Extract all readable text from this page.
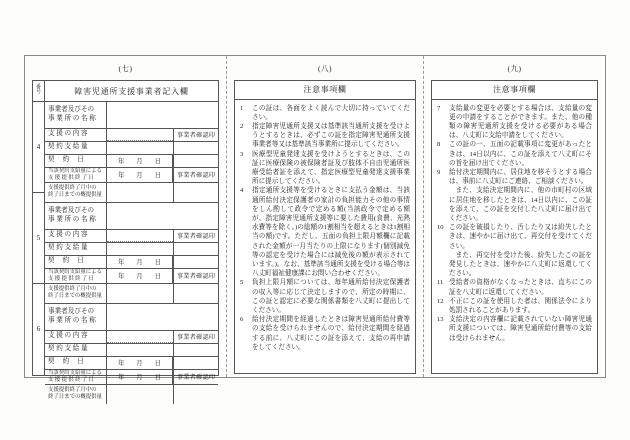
(七)
番
号
4
5
6
障害児通所支援事業者記入欄
事業者及びその
事 業 所 の 名 称
支 援 の 内 容	事業者確認印
契 約 支 給 量
契 約 日	年 月 日
当該契約支給量による
支 援 提 供 終 了 日	年 月 日	事業者確認印
支援提供終了月中の
終了日までの概提供量
事業者及びその
事 業 所 の 名 称
支 援 の 内 容	事業者確認印
契 約 支 給 量
契 約 日	年 月 日
当該契約支給量による
支 援 提 供 終 了 日	年 月 日	事業者確認印
支援提供終了月中の
終了日までの概提供量
事業者及びその
事 業 所 の 名 称
支 援 の 内 容	事業者確認印
契 約 支 給 量
契 約 日	年 月 日
当該契約支給量による
支 援 提 供 終 了 日	年 月 日	事業者確認印
支援提供終了月中の
終了日までの概提供量
(八)
注意事項欄
1	この証は、各面をよく読んで大切に持っていてください。

2	指定障害児通所支援又は基準該当通所支援を受けようとするときは、必ずこの証を指定障害児通所支援事業者等又は基準該当事業所に提示してください。

3	医療型児童発達支援を受けようとするときは、この証に医療保険の被保険者証及び肢体不自由児通所医療受給者証を添えて、指定医療型児童発達支援事業所に提示してください。

4	指定通所支援等を受けるときに支払う金額は、当該通所給付決定保護者の家計の負担能力その他の事情をしん酌して政令で定める額(当該政令で定める額が、指定障害児通所支援等に要した費用(食費、光熱水費等を除く。)の総額の1割相当を超えるときは1割相当の額)です。ただし、五面の負担上限月額欄に記載された金額が一月当たりの上限になります(個別減免等の認定を受けた場合には減免後の額が表示されています。)。なお、基準該当通所支援を受ける場合等は八丈町福祉健康課にお問い合わせください。

5	負担上限月額については、毎年通所給付決定保護者の収入等に応じて決定しますので、所定の時期に、この証と認定に必要な関係書類を八丈町に提出してください。

6	給付決定期間を経過したときは障害児通所給付費等の支給を受けられませんので、給付決定期間を経過する前に、八丈町にこの証を添えて、支給の再申請をしてください。

(九)
注意事項欄
7	支給量の変更を必要とする場合は、支給量の変更の申請をすることができます。また、他の種類の障害児通所支援を受ける必要がある場合は、八丈町に支給申請をしてください。

8	この証の一、五面の記載事項に変更があったときは、14日以内に、この証を添えて八丈町にその旨を届け出てください。

9	給付決定期間内に、居住地を移そうとする場合は、事前に八丈町にご連絡、ご相談ください。

また、支給決定期間内に、他の市町村の区域に居住地を移したときは、14日以内に、この証を添えて、この証を交付した八丈町に届け出てください。

10 この証を破損したり、汚したり又は紛失したときは、速やかに届け出て、再交付を受けてください。

また、再交付を受けた後、紛失したこの証を発見したときは、速やかに八丈町に返還してください。

11 受給者の資格がなくなったときは、直ちにこの証を八丈町に返還してください。

12 不正にこの証を使用した者は、関係法令により処罰されることがあります。

13 支給決定の内容欄に記載されていない障害児通所支援については、障害児通所給付費等の支給は受けられません。
